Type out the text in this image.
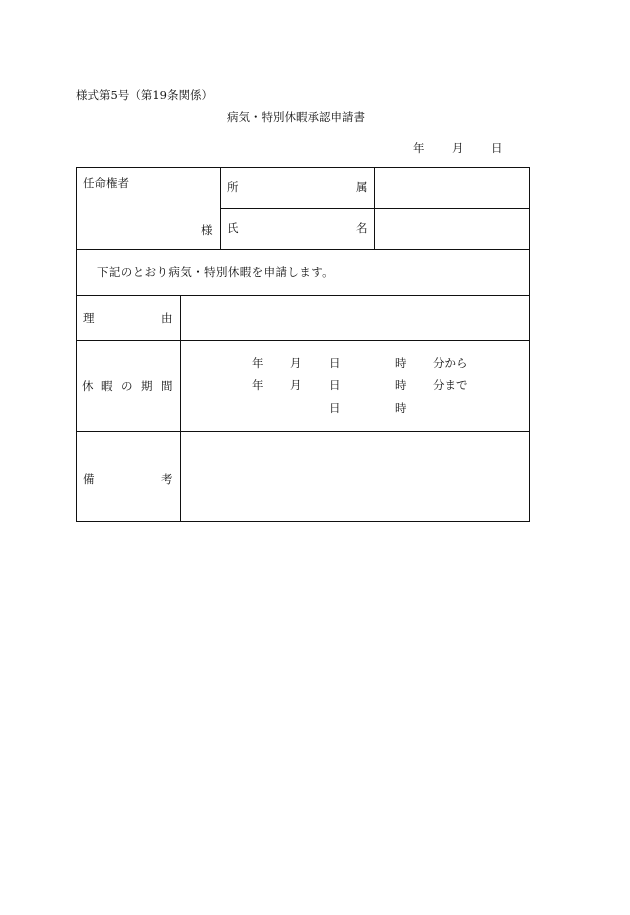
様式第5号（第19条関係）
病気・特別休暇承認申請書
年 月 日
任命権者
様
所	属
氏	名
下記のとおり病気・特別休暇を申請します。
理	由
休 暇 の 期 間
年 月 日	時 分から
年 月 日	時 分まで
日	時
備	考
